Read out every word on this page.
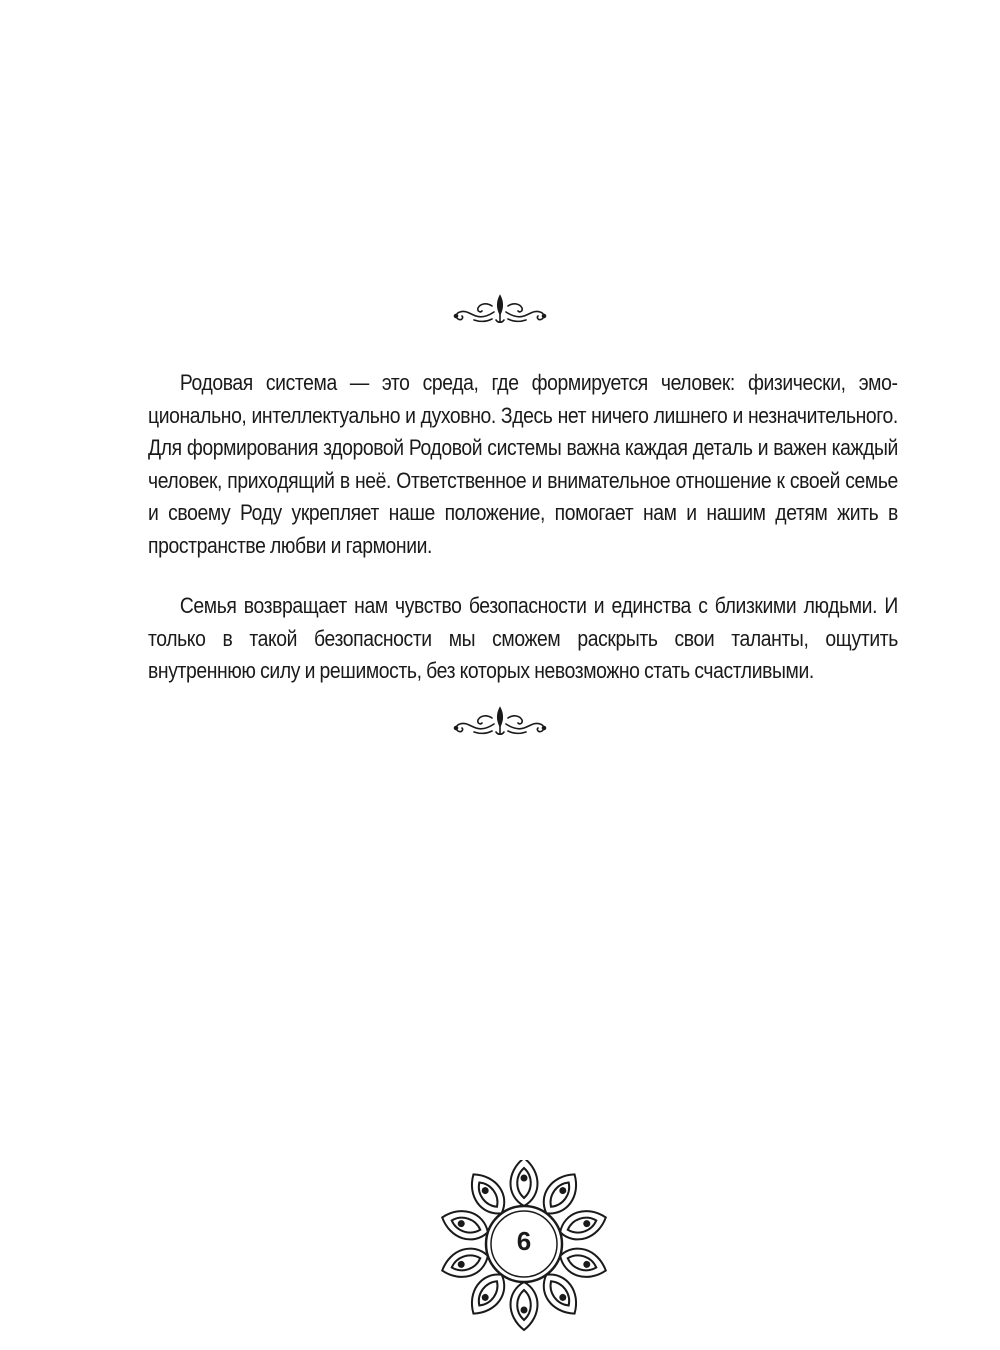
Родовая система — это среда, где формируется человек: физически, эмоционально, интеллектуально и духовно. Здесь нет ничего лишнего и незначительного. Для формирования здоровой Родовой системы важна каждая деталь и важен каждый человек, приходящий в неё. Ответственное и внимательное отношение к своей семье и своему Роду укрепляет наше положение, помогает нам и нашим детям жить в пространстве любви и гармонии.

Семья возвращает нам чувство безопасности и единства с близкими людьми. И только в такой безопасности мы сможем раскрыть свои таланты, ощутить внутреннюю силу и решимость, без которых невозможно стать счастливыми.

6
